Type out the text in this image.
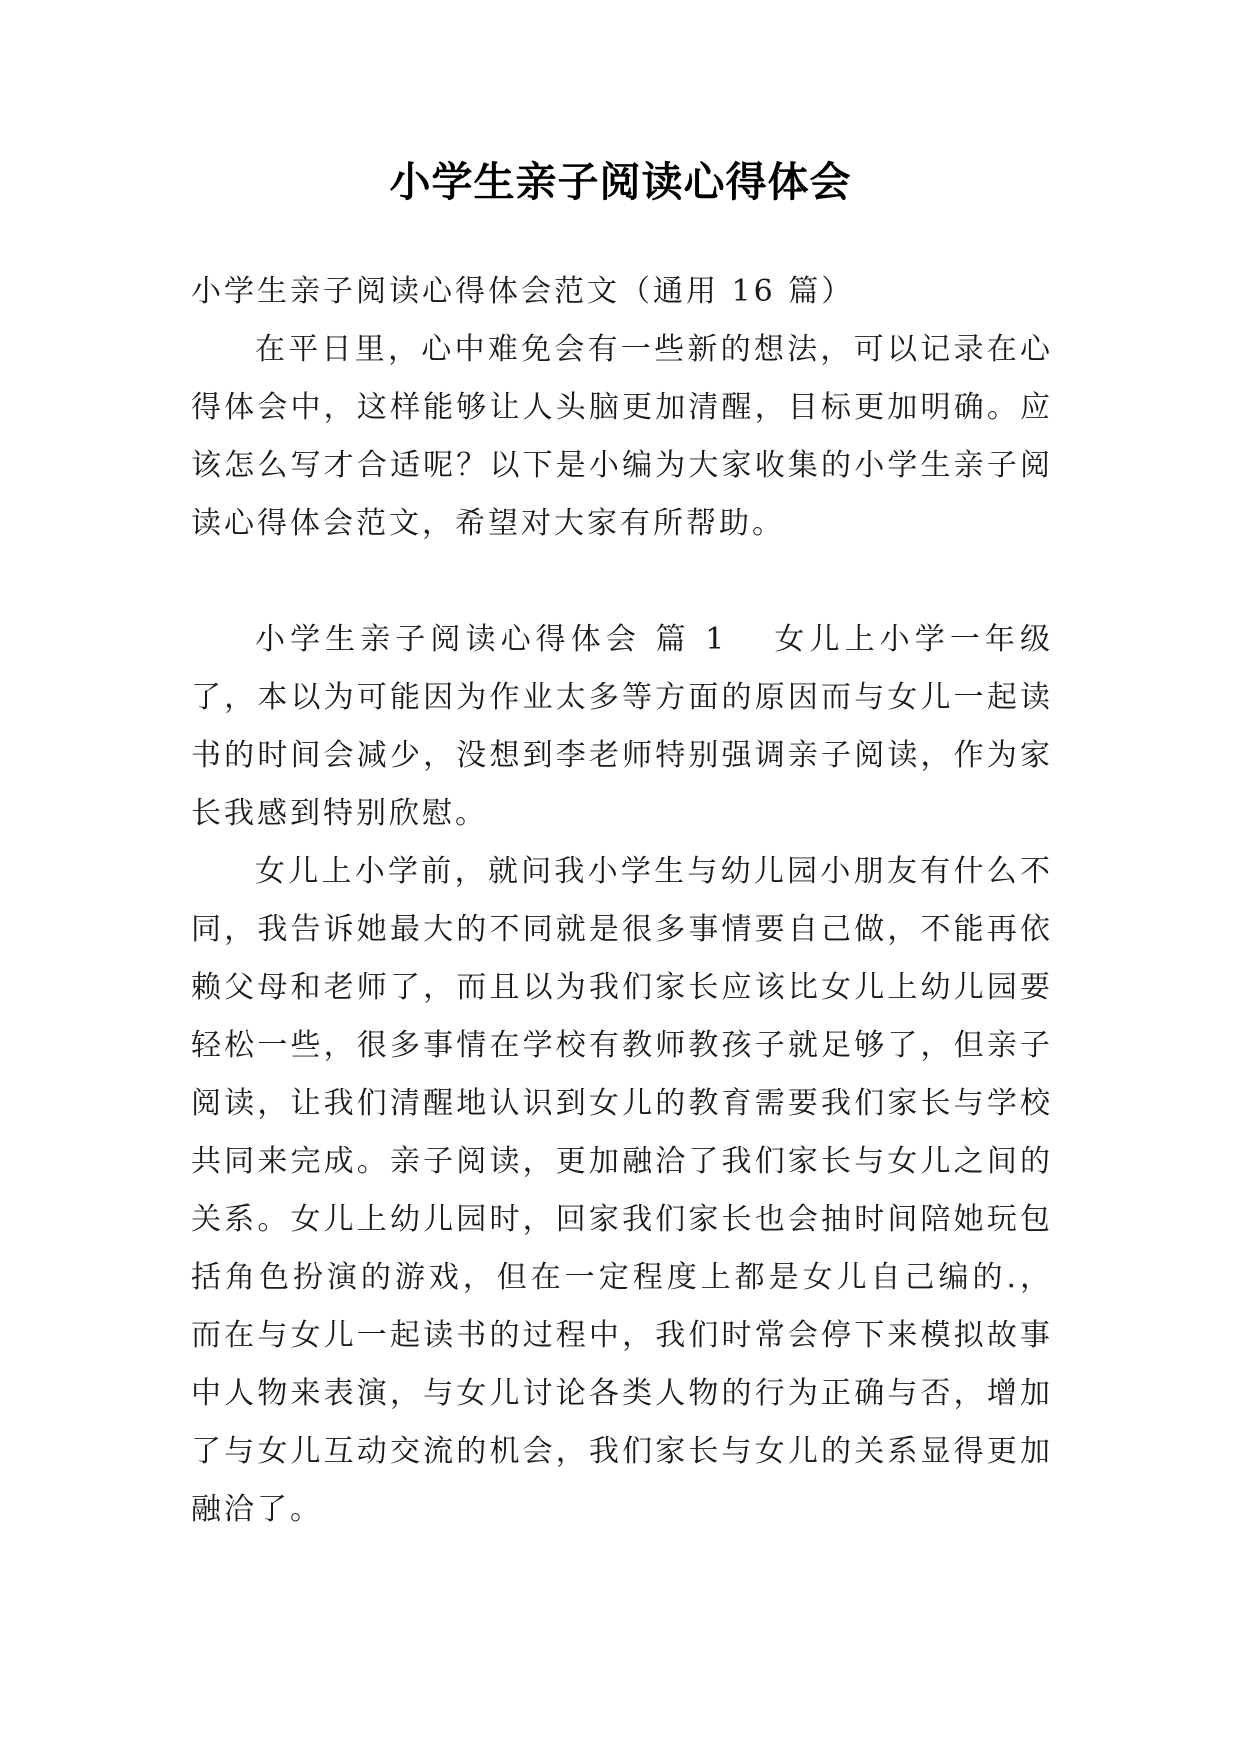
小学生亲子阅读心得体会

小学生亲子阅读心得体会范文（通用 16 篇）

在平日里，心中难免会有一些新的想法，可以记录在心得体会中，这样能够让人头脑更加清醒，目标更加明确。应该怎么写才合适呢？以下是小编为大家收集的小学生亲子阅读心得体会范文，希望对大家有所帮助。

小学生亲子阅读心得体会 篇 1 女儿上小学一年级了，本以为可能因为作业太多等方面的原因而与女儿一起读书的时间会减少，没想到李老师特别强调亲子阅读，作为家长我感到特别欣慰。

女儿上小学前，就问我小学生与幼儿园小朋友有什么不同，我告诉她最大的不同就是很多事情要自己做，不能再依赖父母和老师了，而且以为我们家长应该比女儿上幼儿园要轻松一些，很多事情在学校有教师教孩子就足够了，但亲子阅读，让我们清醒地认识到女儿的教育需要我们家长与学校共同来完成。亲子阅读，更加融洽了我们家长与女儿之间的关系。女儿上幼儿园时，回家我们家长也会抽时间陪她玩包括角色扮演的游戏，但在一定程度上都是女儿自己编的.，而在与女儿一起读书的过程中，我们时常会停下来模拟故事中人物来表演，与女儿讨论各类人物的行为正确与否，增加了与女儿互动交流的机会，我们家长与女儿的关系显得更加融洽了。
